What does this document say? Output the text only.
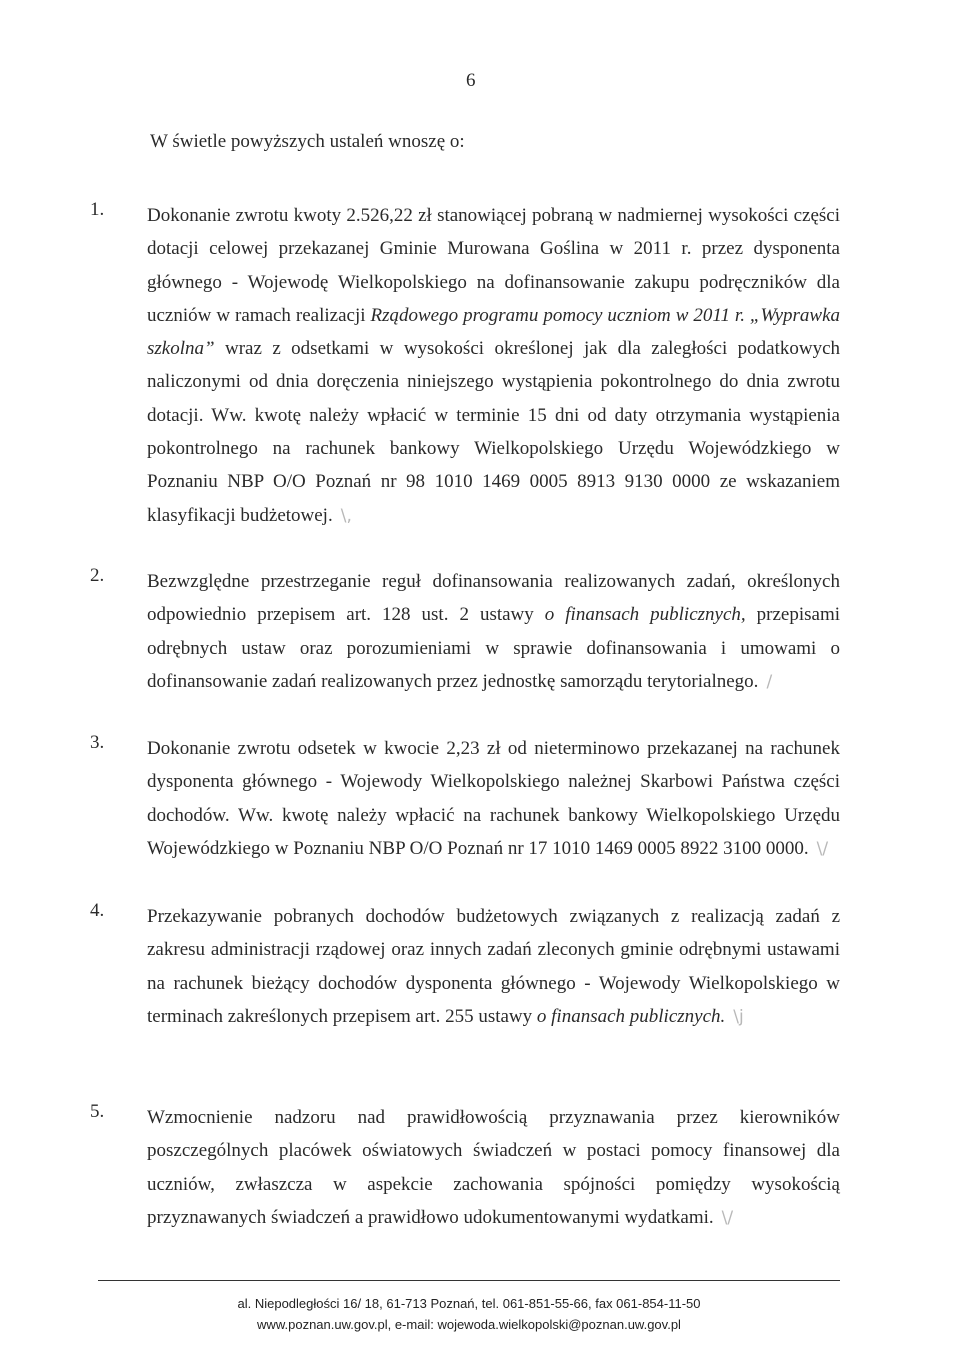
6
W świetle powyższych ustaleń wnoszę o:
1. Dokonanie zwrotu kwoty 2.526,22 zł stanowiącej pobraną w nadmiernej wysokości części dotacji celowej przekazanej Gminie Murowana Goślina w 2011 r. przez dysponenta głównego - Wojewodę Wielkopolskiego na dofinansowanie zakupu podręczników dla uczniów w ramach realizacji Rządowego programu pomocy uczniom w 2011 r. „Wyprawka szkolna” wraz z odsetkami w wysokości określonej jak dla zaległości podatkowych naliczonymi od dnia doręczenia niniejszego wystąpienia pokontrolnego do dnia zwrotu dotacji. Ww. kwotę należy wpłacić w terminie 15 dni od daty otrzymania wystąpienia pokontrolnego na rachunek bankowy Wielkopolskiego Urzędu Wojewódzkiego w Poznaniu NBP O/O Poznań nr 98 1010 1469 0005 8913 9130 0000 ze wskazaniem klasyfikacji budżetowej. \,
2. Bezwzględne przestrzeganie reguł dofinansowania realizowanych zadań, określonych odpowiednio przepisem art. 128 ust. 2 ustawy o finansach publicznych, przepisami odrębnych ustaw oraz porozumieniami w sprawie dofinansowania i umowami o dofinansowanie zadań realizowanych przez jednostkę samorządu terytorialnego. /
3. Dokonanie zwrotu odsetek w kwocie 2,23 zł od nieterminowo przekazanej na rachunek dysponenta głównego - Wojewody Wielkopolskiego należnej Skarbowi Państwa części dochodów. Ww. kwotę należy wpłacić na rachunek bankowy Wielkopolskiego Urzędu Wojewódzkiego w Poznaniu NBP O/O Poznań nr 17 1010 1469 0005 8922 3100 0000. \/
4. Przekazywanie pobranych dochodów budżetowych związanych z realizacją zadań z zakresu administracji rządowej oraz innych zadań zleconych gminie odrębnymi ustawami na rachunek bieżący dochodów dysponenta głównego - Wojewody Wielkopolskiego w terminach zakreślonych przepisem art. 255 ustawy o finansach publicznych. \j
5. Wzmocnienie nadzoru nad prawidłowością przyznawania przez kierowników poszczególnych placówek oświatowych świadczeń w postaci pomocy finansowej dla uczniów, zwłaszcza w aspekcie zachowania spójności pomiędzy wysokością przyznawanych świadczeń a prawidłowo udokumentowanymi wydatkami. \/
al. Niepodległości 16/ 18, 61-713 Poznań, tel. 061-851-55-66, fax 061-854-11-50
www.poznan.uw.gov.pl, e-mail: wojewoda.wielkopolski@poznan.uw.gov.pl
